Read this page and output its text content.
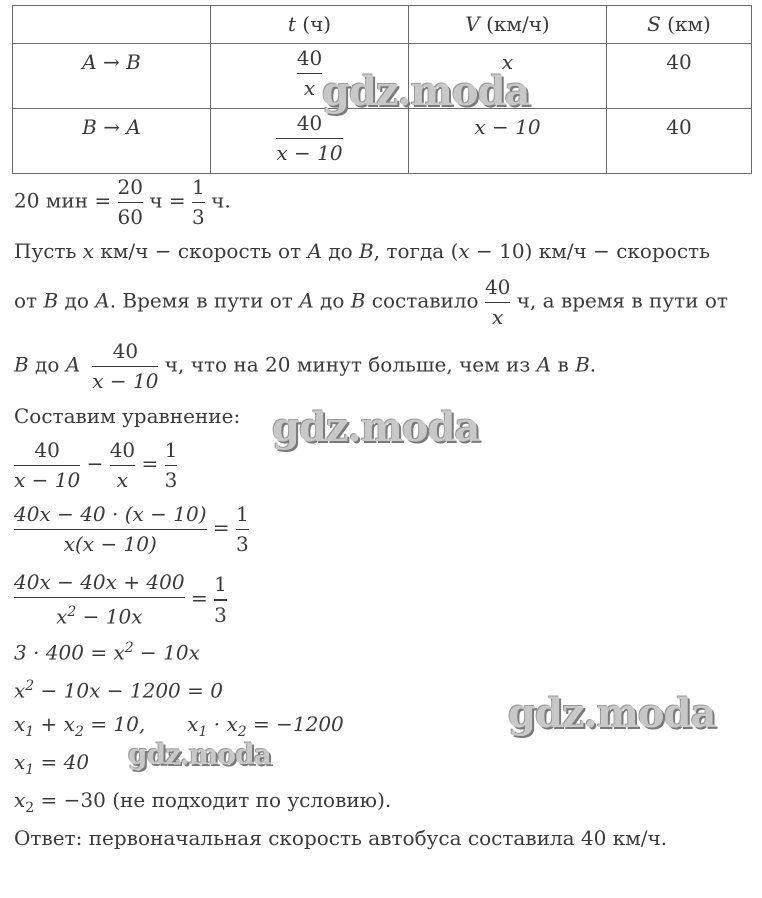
	t (ч)	V (км/ч)	S (км)
A → B	$\frac{40}{x}$	x	40
B → A	$\frac{40}{x - 10}$	x − 10	40
20 мин = $\frac{20}{60}$ $ч = \frac{1}{3} ч$.
Пусть x км/ч − скорость от A до B, тогда (x − 10) км/ч − скорость
от B до A. Время в пути от A до B составило $\frac{40}{x} ч$, а время в пути от
B до A $\frac{40}{x - 10} ч$, что на 20 минут больше, чем из A в B.
Составим уравнение:
$\frac{40}{x - 10} - \frac{40}{x} = \frac{1}{3}$
$\frac{40x - 40 \cdot (x - 10)}{x(x - 10)} = \frac{1}{3}$
$\frac{40x - 40x + 400}{x^2 - 10x} = \frac{1}{3}$
$3 \cdot 400 = x^2 - 10x$
$x^2 - 10x - 1200 = 0$
$x_1 + x_2 = 10$, $x_1 \cdot x_2 = -1200$
$x_1 = 40$
$x_2 = -30$ (не подходит по условию).
Ответ: первоначальная скорость автобуса составила 40 км/ч.
gdz.moda
gdz.moda
gdz.moda
gdz.moda
